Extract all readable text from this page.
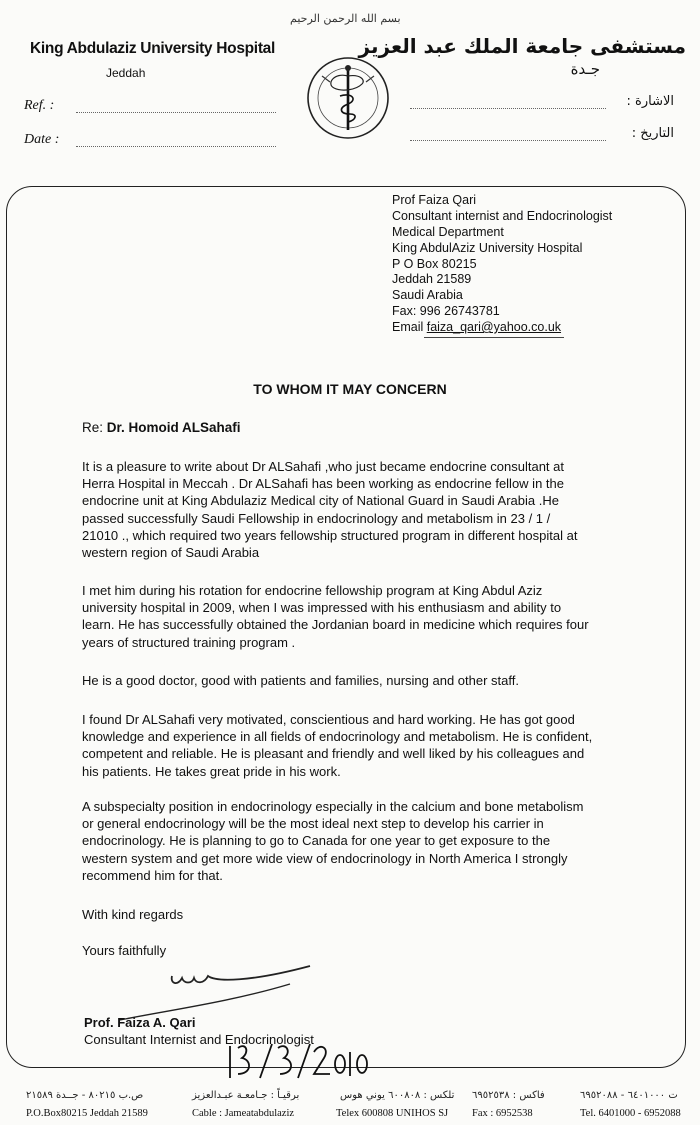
بسم الله الرحمن الرحيم
King Abdulaziz University Hospital
Jeddah
مستشفى جامعة الملك عبد العزيز
جـدة
Ref. :
Date :
الاشارة :
التاريخ :
Prof Faiza Qari
Consultant internist and Endocrinologist
Medical Department
King AbdulAziz University Hospital
P O Box 80215
Jeddah 21589
Saudi Arabia
Fax: 996 26743781
Email faiza_qari@yahoo.co.uk
TO WHOM IT MAY CONCERN
Re: Dr. Homoid ALSahafi
It is a pleasure to write about Dr ALSahafi ,who just became endocrine consultant at
Herra Hospital in Meccah . Dr ALSahafi has been working as endocrine fellow in the
endocrine unit at King Abdulaziz Medical city of National Guard in Saudi Arabia .He
passed successfully Saudi Fellowship in endocrinology and metabolism in 23 / 1 /
21010 ., which required two years fellowship structured program in different hospital at
western region of Saudi Arabia
I met him during his rotation for endocrine fellowship program at King Abdul Aziz
university hospital in 2009, when I was impressed with his enthusiasm and ability to
learn. He has successfully obtained the Jordanian board in medicine which requires four
years of structured training program .
He is a good doctor, good with patients and families, nursing and other staff.
I found Dr ALSahafi very motivated, conscientious and hard working. He has got good
knowledge and experience in all fields of endocrinology and metabolism. He is confident,
competent and reliable. He is pleasant and friendly and well liked by his colleagues and
his patients. He takes great pride in his work.
A subspecialty position in endocrinology especially in the calcium and bone metabolism
or general endocrinology will be the most ideal next step to develop his carrier in
endocrinology. He is planning to go to Canada for one year to get exposure to the
western system and get more wide view of endocrinology in North America I strongly
recommend him for that.
With kind regards
Yours faithfully
Prof. Faiza A. Qari
Consultant Internist and Endocrinologist
ص.ب ٨٠٢١٥ - جــدة ٢١٥٨٩	برقيـاً : جـامعـة عبـدالعزيز	تلكس : ٦٠٠٨٠٨ يوني هوس فاكس : ٦٩٥٢٥٣٨	ت ٦٤٠١٠٠٠ - ٦٩٥٢٠٨٨
P.O.Box80215 Jeddah 21589	Cable : Jameatabdulaziz	Telex 600808 UNIHOS SJ Fax : 6952538	Tel. 6401000 - 6952088
